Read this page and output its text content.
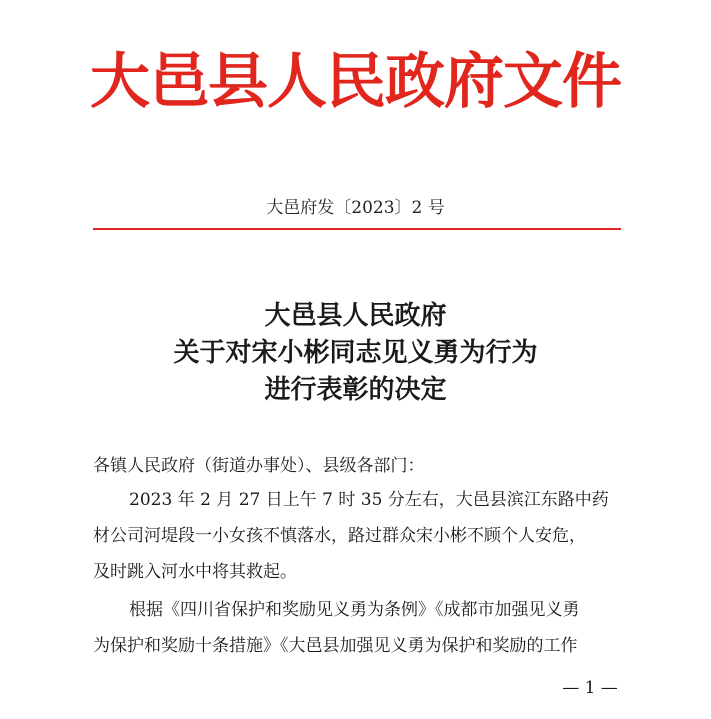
大邑县人民政府文件
大邑府发〔2023〕2 号
大邑县人民政府
关于对宋小彬同志见义勇为行为
进行表彰的决定
各镇人民政府（街道办事处）、县级各部门：
2023 年 2 月 27 日上午 7 时 35 分左右，大邑县滨江东路中药
材公司河堤段一小女孩不慎落水，路过群众宋小彬不顾个人安危，
及时跳入河水中将其救起。
根据《四川省保护和奖励见义勇为条例》《成都市加强见义勇
为保护和奖励十条措施》《大邑县加强见义勇为保护和奖励的工作
— 1 —
